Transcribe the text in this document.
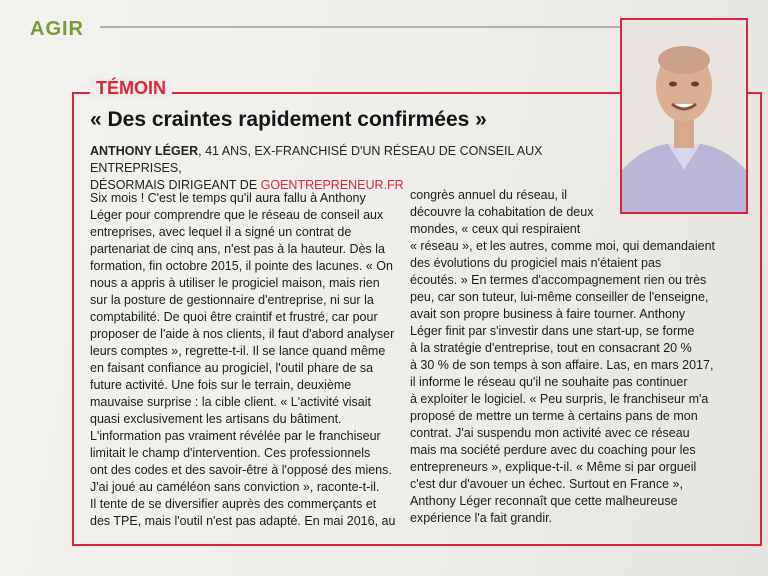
AGIR
TÉMOIN
« Des craintes rapidement confirmées »
ANTHONY LÉGER, 41 ANS, EX-FRANCHISÉ D'UN RÉSEAU DE CONSEIL AUX ENTREPRISES,
DÉSORMAIS DIRIGEANT DE GOENTREPRENEUR.FR
Six mois ! C'est le temps qu'il aura fallu à Anthony
Léger pour comprendre que le réseau de conseil aux
entreprises, avec lequel il a signé un contrat de
partenariat de cinq ans, n'est pas à la hauteur. Dès la
formation, fin octobre 2015, il pointe des lacunes. « On
nous a appris à utiliser le progiciel maison, mais rien
sur la posture de gestionnaire d'entreprise, ni sur la
comptabilité. De quoi être craintif et frustré, car pour
proposer de l'aide à nos clients, il faut d'abord analyser
leurs comptes », regrette-t-il. Il se lance quand même
en faisant confiance au progiciel, l'outil phare de sa
future activité. Une fois sur le terrain, deuxième
mauvaise surprise : la cible client. « L'activité visait
quasi exclusivement les artisans du bâtiment.
L'information pas vraiment révélée par le franchiseur
limitait le champ d'intervention. Ces professionnels
ont des codes et des savoir-être à l'opposé des miens.
J'ai joué au caméléon sans conviction », raconte-t-il.
Il tente de se diversifier auprès des commerçants et
des TPE, mais l'outil n'est pas adapté. En mai 2016, au
congrès annuel du réseau, il
découvre la cohabitation de deux
mondes, « ceux qui respiraient
« réseau », et les autres, comme moi, qui demandaient
des évolutions du progiciel mais n'étaient pas
écoutés. » En termes d'accompagnement rien ou très
peu, car son tuteur, lui-même conseiller de l'enseigne,
avait son propre business à faire tourner. Anthony
Léger finit par s'investir dans une start-up, se forme
à la stratégie d'entreprise, tout en consacrant 20 %
à 30 % de son temps à son affaire. Las, en mars 2017,
il informe le réseau qu'il ne souhaite pas continuer
à exploiter le logiciel. « Peu surpris, le franchiseur m'a
proposé de mettre un terme à certains pans de mon
contrat. J'ai suspendu mon activité avec ce réseau
mais ma société perdure avec du coaching pour les
entrepreneurs », explique-t-il. « Même si par orgueil
c'est dur d'avouer un échec. Surtout en France »,
Anthony Léger reconnaît que cette malheureuse
expérience l'a fait grandir.
